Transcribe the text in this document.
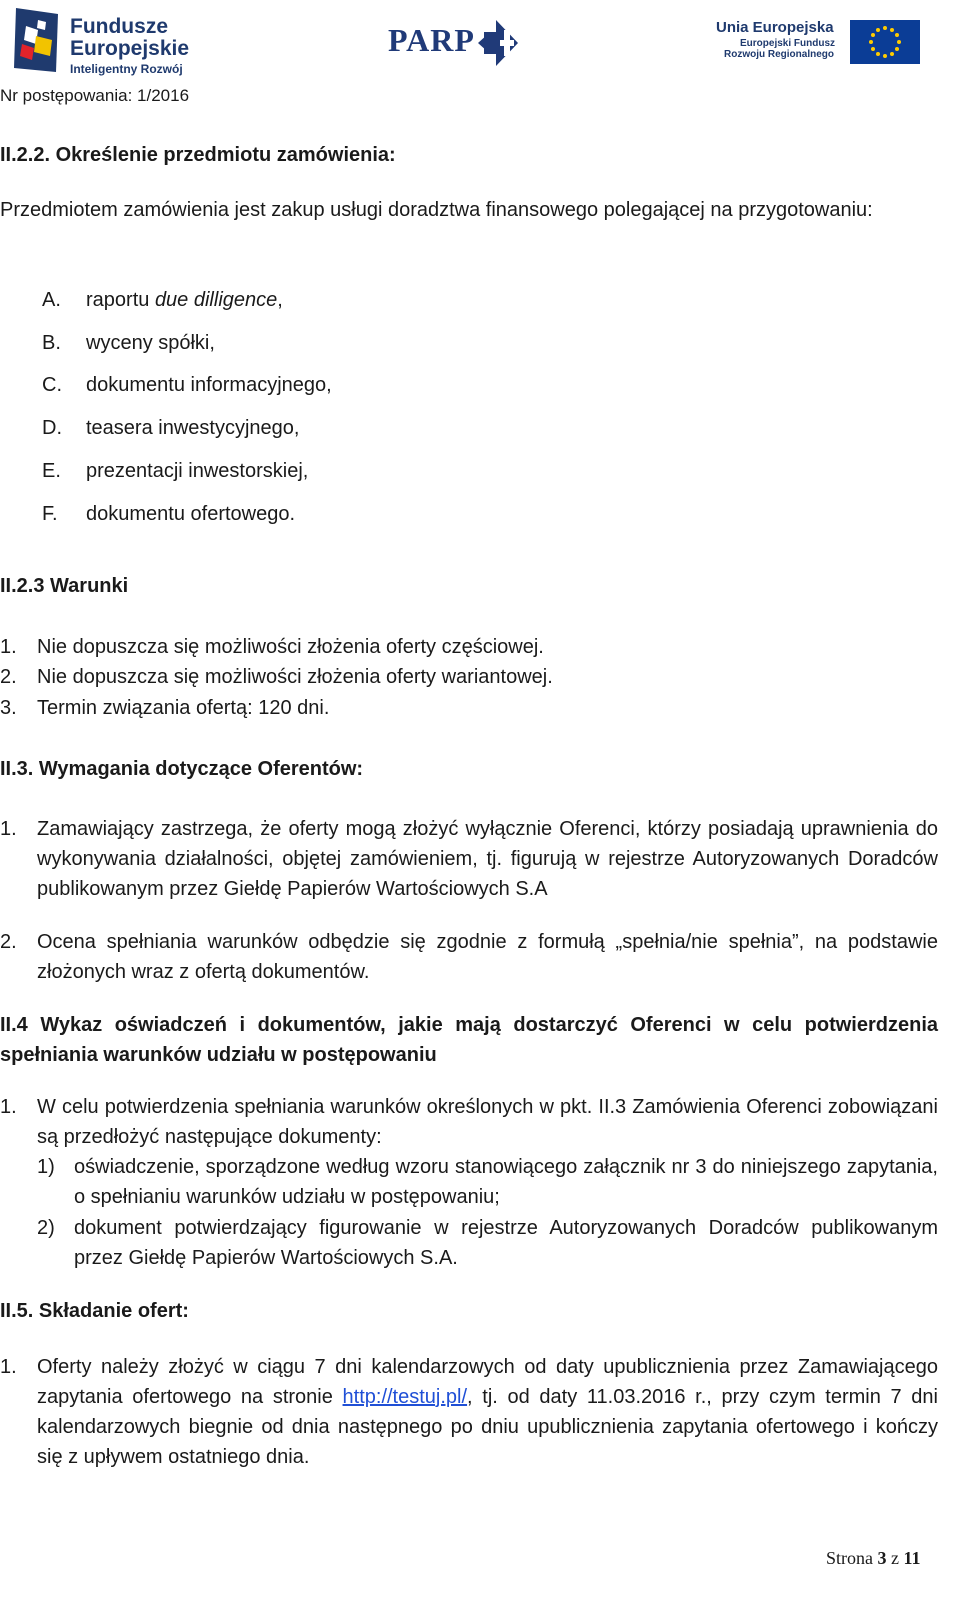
Fundusze
Europejskie
Inteligentny Rozwój
PARP	Unia Europejska
Europejski Fundusz
Rozwoju Regionalnego
Nr postępowania: 1/2016
II.2.2. Określenie przedmiotu zamówienia:
Przedmiotem zamówienia jest zakup usługi doradztwa finansowego polegającej na przygotowaniu:
A. raportu due dilligence,
B. wyceny spółki,
C. dokumentu informacyjnego,
D. teasera inwestycyjnego,
E. prezentacji inwestorskiej,
F. dokumentu ofertowego.
II.2.3 Warunki
1. Nie dopuszcza się możliwości złożenia oferty częściowej.
2. Nie dopuszcza się możliwości złożenia oferty wariantowej.
3. Termin związania ofertą: 120 dni.
II.3. Wymagania dotyczące Oferentów:
1. Zamawiający zastrzega, że oferty mogą złożyć wyłącznie Oferenci, którzy posiadają uprawnienia do wykonywania działalności, objętej zamówieniem, tj. figurują w rejestrze Autoryzowanych Doradców publikowanym przez Giełdę Papierów Wartościowych S.A
2. Ocena spełniania warunków odbędzie się zgodnie z formułą „spełnia/nie spełnia”, na podstawie złożonych wraz z ofertą dokumentów.
II.4 Wykaz oświadczeń i dokumentów, jakie mają dostarczyć Oferenci w celu potwierdzenia spełniania warunków udziału w postępowaniu
1. W celu potwierdzenia spełniania warunków określonych w pkt. II.3 Zamówienia Oferenci zobowiązani są przedłożyć następujące dokumenty:
1) oświadczenie, sporządzone według wzoru stanowiącego załącznik nr 3 do niniejszego zapytania, o spełnianiu warunków udziału w postępowaniu;
2) dokument potwierdzający figurowanie w rejestrze Autoryzowanych Doradców publikowanym przez Giełdę Papierów Wartościowych S.A.
II.5. Składanie ofert:
1. Oferty należy złożyć w ciągu 7 dni kalendarzowych od daty upublicznienia przez Zamawiającego zapytania ofertowego na stronie http://testuj.pl/, tj. od daty 11.03.2016 r., przy czym termin 7 dni kalendarzowych biegnie od dnia następnego po dniu upublicznienia zapytania ofertowego i kończy się z upływem ostatniego dnia.
Strona 3 z 11
